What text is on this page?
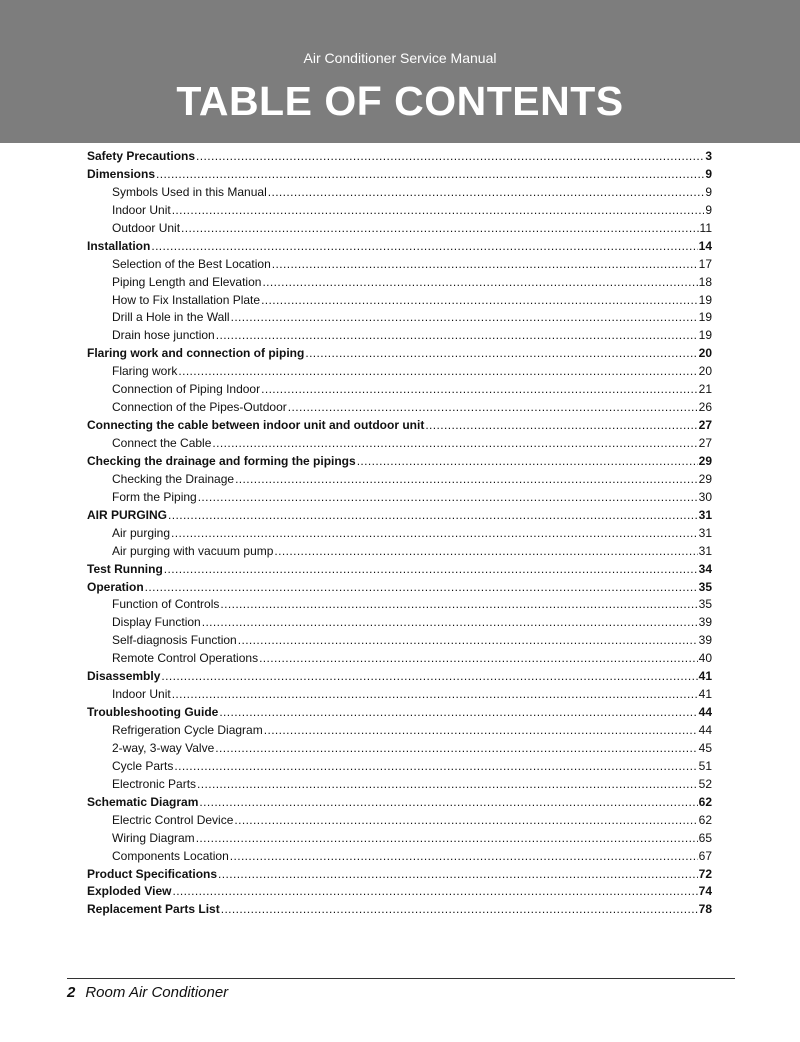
Air Conditioner Service Manual
TABLE OF CONTENTS
Safety Precautions .....	3
Dimensions .....	9
Symbols Used in this Manual .....	9
Indoor Unit .....	9
Outdoor Unit .....	11
Installation .....	14
Selection of the Best Location .....	17
Piping Length and Elevation .....	18
How to Fix Installation Plate .....	19
Drill a Hole in the Wall .....	19
Drain hose junction .....	19
Flaring work and connection of piping .....	20
Flaring work .....	20
Connection of Piping Indoor .....	21
Connection of the Pipes-Outdoor .....	26
Connecting the cable between indoor unit and outdoor unit .....	27
Connect the Cable .....	27
Checking the drainage and forming the pipings .....	29
Checking the Drainage .....	29
Form the Piping .....	30
AIR PURGING .....	31
Air purging .....	31
Air purging with vacuum pump .....	31
Test Running .....	34
Operation .....	35
Function of Controls .....	35
Display Function .....	39
Self-diagnosis Function .....	39
Remote Control Operations .....	40
Disassembly .....	41
Indoor Unit .....	41
Troubleshooting Guide .....	44
Refrigeration Cycle Diagram .....	44
2-way, 3-way Valve .....	45
Cycle Parts .....	51
Electronic Parts .....	52
Schematic Diagram .....	62
Electric Control Device .....	62
Wiring Diagram .....	65
Components Location .....	67
Product Specifications .....	72
Exploded View .....	74
Replacement Parts List .....	78
2 Room Air Conditioner
